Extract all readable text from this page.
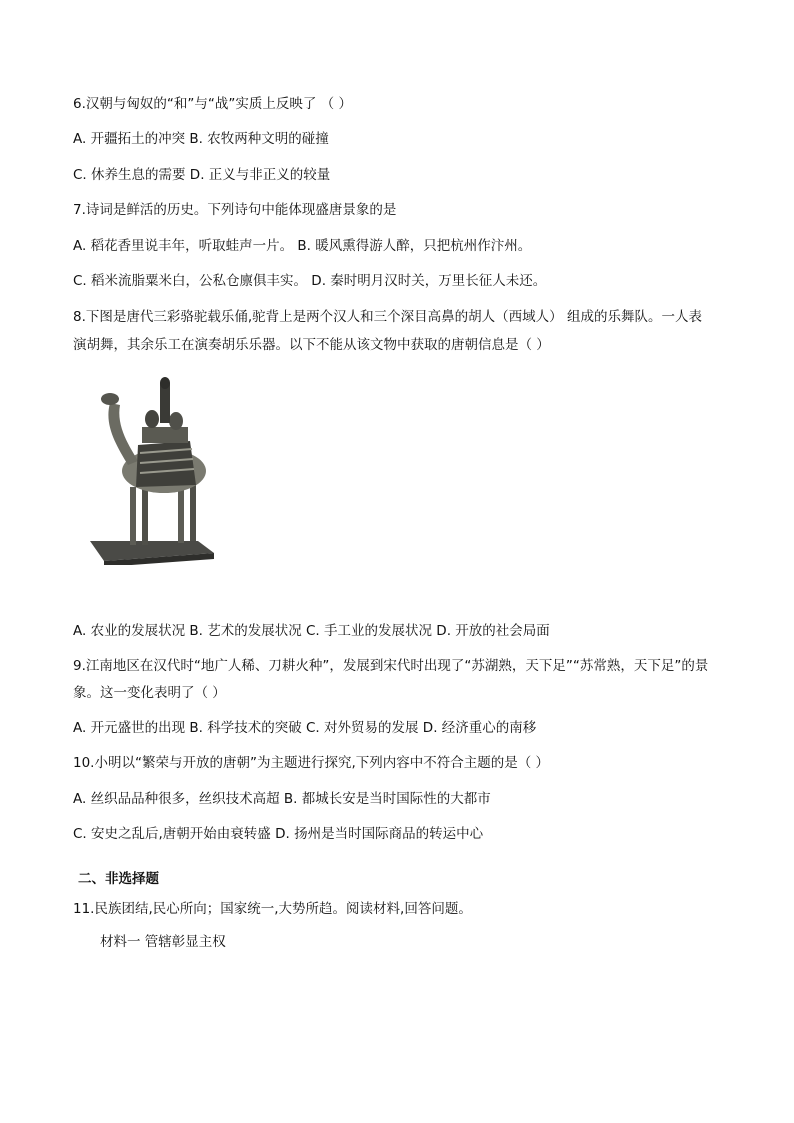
6.汉朝与匈奴的“和”与“战”实质上反映了 （ ）
A. 开疆拓土的冲突 B. 农牧两种文明的碰撞
C. 休养生息的需要 D. 正义与非正义的较量
7.诗词是鲜活的历史。下列诗句中能体现盛唐景象的是
A. 稻花香里说丰年，听取蛙声一片。 B. 暖风熏得游人醉，只把杭州作汴州。
C. 稻米流脂粟米白，公私仓廪俱丰实。 D. 秦时明月汉时关，万里长征人未还。
8.下图是唐代三彩骆驼载乐俑,驼背上是两个汉人和三个深目高鼻的胡人（西域人） 组成的乐舞队。一人表
演胡舞，其余乐工在演奏胡乐乐器。以下不能从该文物中获取的唐朝信息是（ ）
A. 农业的发展状况 B. 艺术的发展状况 C. 手工业的发展状况 D. 开放的社会局面
9.江南地区在汉代时“地广人稀、刀耕火种”，发展到宋代时出现了“苏湖熟，天下足”“苏常熟，天下足”的景
象。这一变化表明了（ ）
A. 开元盛世的出现 B. 科学技术的突破 C. 对外贸易的发展 D. 经济重心的南移
10.小明以“繁荣与开放的唐朝”为主题进行探究,下列内容中不符合主题的是（ ）
A. 丝织品品种很多，丝织技术高超 B. 都城长安是当时国际性的大都市
C. 安史之乱后,唐朝开始由衰转盛 D. 扬州是当时国际商品的转运中心
二、非选择题
11.民族团结,民心所向；国家统一,大势所趋。阅读材料,回答问题。
材料一 管辖彰显主权
